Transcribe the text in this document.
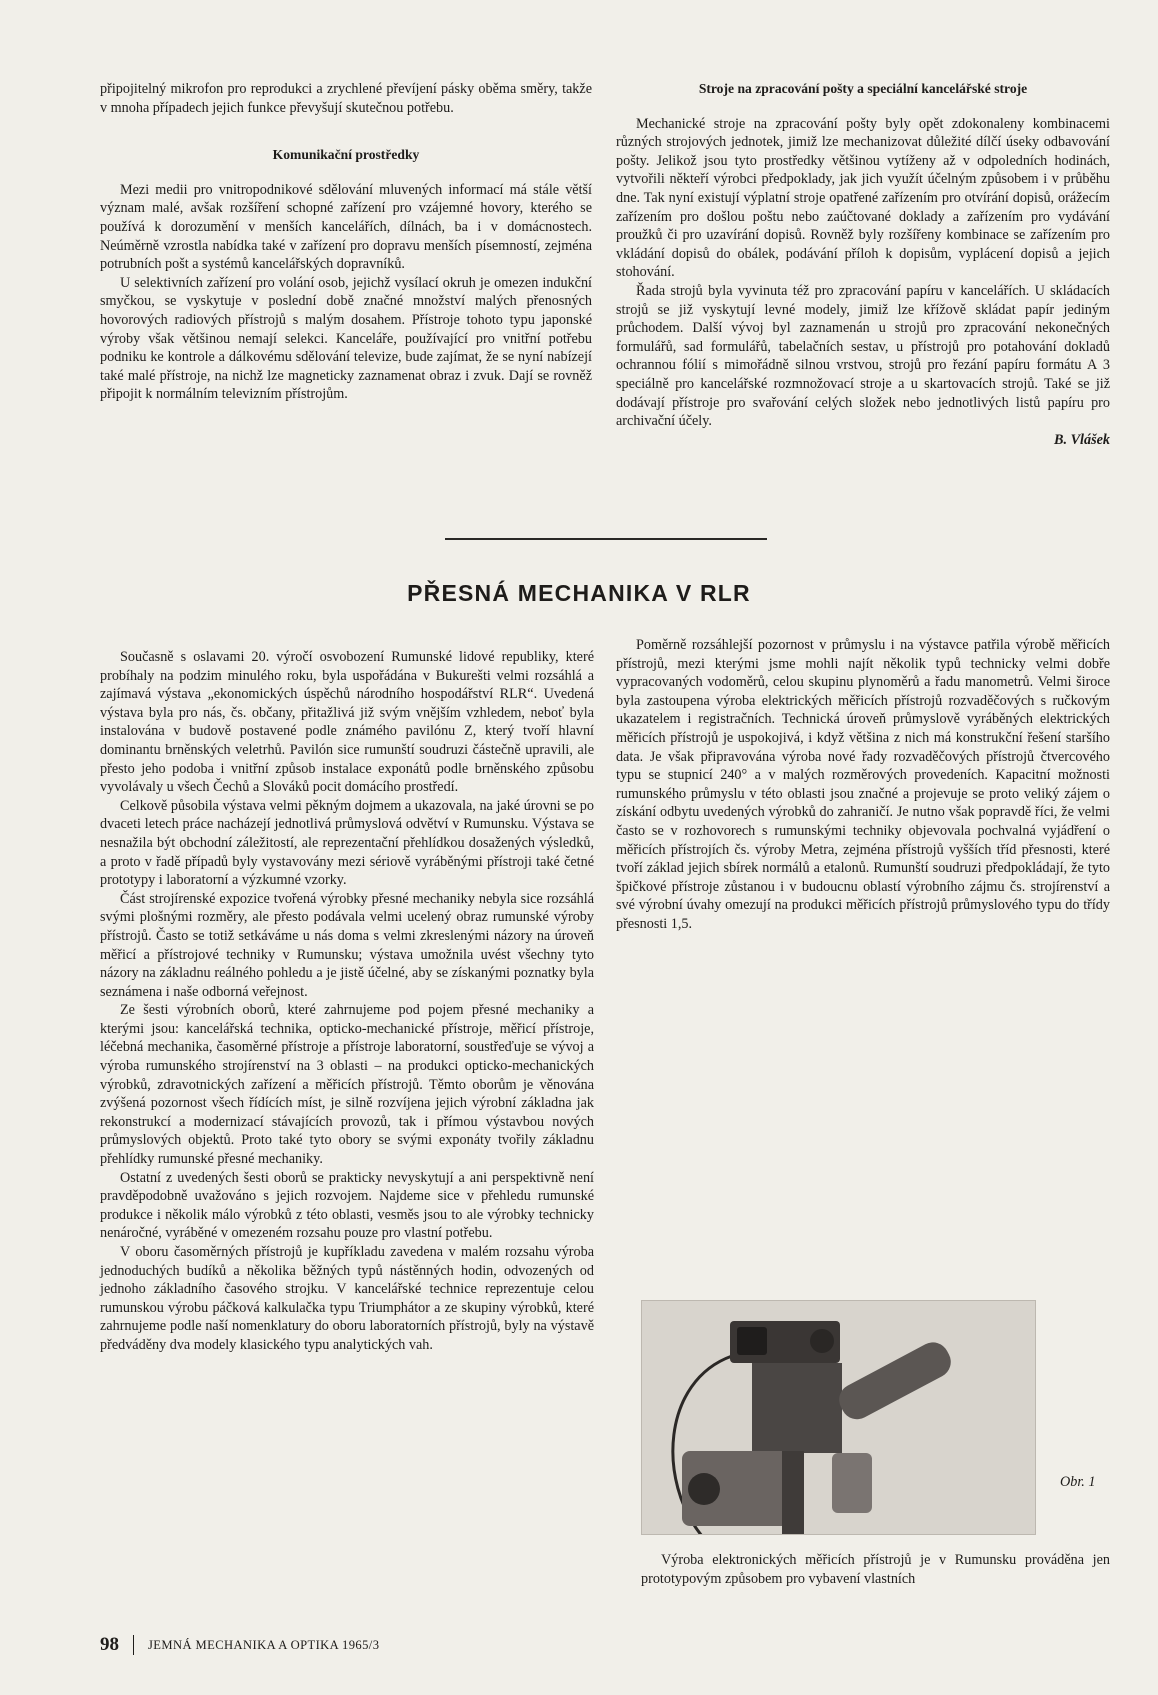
připojitelný mikrofon pro reprodukci a zrychlené převíjení pásky oběma směry, takže v mnoha případech jejich funkce převyšují skutečnou potřebu.

Komunikační prostředky

Mezi medii pro vnitropodnikové sdělování mluvených informací má stále větší význam malé, avšak rozšíření schopné zařízení pro vzájemné hovory, kterého se používá k dorozumění v menších kancelářích, dílnách, ba i v domácnostech. Neúměrně vzrostla nabídka také v zařízení pro dopravu menších písemností, zejména potrubních pošt a systémů kancelářských dopravníků.

U selektivních zařízení pro volání osob, jejichž vysílací okruh je omezen indukční smyčkou, se vyskytuje v poslední době značné množství malých přenosných hovorových radiových přístrojů s malým dosahem. Přístroje tohoto typu japonské výroby však většinou nemají selekci. Kanceláře, používající pro vnitřní potřebu podniku ke kontrole a dálkovému sdělování televize, bude zajímat, že se nyní nabízejí také malé přístroje, na nichž lze magneticky zaznamenat obraz i zvuk. Dají se rovněž připojit k normálním televizním přístrojům.

Stroje na zpracování pošty a speciální kancelářské stroje

Mechanické stroje na zpracování pošty byly opět zdokonaleny kombinacemi různých strojových jednotek, jimiž lze mechanizovat důležité dílčí úseky odbavování pošty. Jelikož jsou tyto prostředky většinou vytíženy až v odpoledních hodinách, vytvořili někteří výrobci předpoklady, jak jich využít účelným způsobem i v průběhu dne. Tak nyní existují výplatní stroje opatřené zařízením pro otvírání dopisů, orážecím zařízením pro došlou poštu nebo zaúčtované doklady a zařízením pro vydávání proužků či pro uzavírání dopisů. Rovněž byly rozšířeny kombinace se zařízením pro vkládání dopisů do obálek, podávání příloh k dopisům, vyplácení dopisů a jejich stohování.

Řada strojů byla vyvinuta též pro zpracování papíru v kancelářích. U skládacích strojů se již vyskytují levné modely, jimiž lze křížově skládat papír jediným průchodem. Další vývoj byl zaznamenán u strojů pro zpracování nekonečných formulářů, sad formulářů, tabelačních sestav, u přístrojů pro potahování dokladů ochrannou fólií s mimořádně silnou vrstvou, strojů pro řezání papíru formátu A 3 speciálně pro kancelářské rozmnožovací stroje a u skartovacích strojů. Také se již dodávají přístroje pro svařování celých složek nebo jednotlivých listů papíru pro archivační účely.

B. Vlášek

PŘESNÁ MECHANIKA V RLR

Současně s oslavami 20. výročí osvobození Rumunské lidové republiky, které probíhaly na podzim minulého roku, byla uspořádána v Bukurešti velmi rozsáhlá a zajímavá výstava „ekonomických úspěchů národního hospodářství RLR“. Uvedená výstava byla pro nás, čs. občany, přitažlivá již svým vnějším vzhledem, neboť byla instalována v budově postavené podle známého pavilónu Z, který tvoří hlavní dominantu brněnských veletrhů. Pavilón sice rumunští soudruzi částečně upravili, ale přesto jeho podoba i vnitřní způsob instalace exponátů podle brněnského způsobu vyvolávaly u všech Čechů a Slováků pocit domácího prostředí.

Celkově působila výstava velmi pěkným dojmem a ukazovala, na jaké úrovni se po dvaceti letech práce nacházejí jednotlivá průmyslová odvětví v Rumunsku. Výstava se nesnažila být obchodní záležitostí, ale reprezentační přehlídkou dosažených výsledků, a proto v řadě případů byly vystavovány mezi sériově vyráběnými přístroji také četné prototypy i laboratorní a výzkumné vzorky.

Část strojírenské expozice tvořená výrobky přesné mechaniky nebyla sice rozsáhlá svými plošnými rozměry, ale přesto podávala velmi ucelený obraz rumunské výroby přístrojů. Často se totiž setkáváme u nás doma s velmi zkreslenými názory na úroveň měřicí a přístrojové techniky v Rumunsku; výstava umožnila uvést všechny tyto názory na základnu reálného pohledu a je jistě účelné, aby se získanými poznatky byla seznámena i naše odborná veřejnost.

Ze šesti výrobních oborů, které zahrnujeme pod pojem přesné mechaniky a kterými jsou: kancelářská technika, opticko-mechanické přístroje, měřicí přístroje, léčebná mechanika, časoměrné přístroje a přístroje laboratorní, soustřeďuje se vývoj a výroba rumunského strojírenství na 3 oblasti – na produkci opticko-mechanických výrobků, zdravotnických zařízení a měřicích přístrojů. Těmto oborům je věnována zvýšená pozornost všech řídících míst, je silně rozvíjena jejich výrobní základna jak rekonstrukcí a modernizací stávajících provozů, tak i přímou výstavbou nových průmyslových objektů. Proto také tyto obory se svými exponáty tvořily základnu přehlídky rumunské přesné mechaniky.

Ostatní z uvedených šesti oborů se prakticky nevyskytují a ani perspektivně není pravděpodobně uvažováno s jejich rozvojem. Najdeme sice v přehledu rumunské produkce i několik málo výrobků z této oblasti, vesměs jsou to ale výrobky technicky nenáročné, vyráběné v omezeném rozsahu pouze pro vlastní potřebu.

V oboru časoměrných přístrojů je kupříkladu zavedena v malém rozsahu výroba jednoduchých budíků a několika běžných typů nástěnných hodin, odvozených od jednoho základního časového strojku. V kancelářské technice reprezentuje celou rumunskou výrobu páčková kalkulačka typu Triumphátor a ze skupiny výrobků, které zahrnujeme podle naší nomenklatury do oboru laboratorních přístrojů, byly na výstavě předváděny dva modely klasického typu analytických vah.

Poměrně rozsáhlejší pozornost v průmyslu i na výstavce patřila výrobě měřicích přístrojů, mezi kterými jsme mohli najít několik typů technicky velmi dobře vypracovaných vodoměrů, celou skupinu plynoměrů a řadu manometrů. Velmi široce byla zastoupena výroba elektrických měřicích přístrojů rozvaděčových s ručkovým ukazatelem i registračních. Technická úroveň průmyslově vyráběných elektrických měřicích přístrojů je uspokojivá, i když většina z nich má konstrukční řešení staršího data. Je však připravována výroba nové řady rozvaděčových přístrojů čtvercového typu se stupnicí 240° a v malých rozměrových provedeních. Kapacitní možnosti rumunského průmyslu v této oblasti jsou značné a projevuje se proto veliký zájem o získání odbytu uvedených výrobků do zahraničí. Je nutno však popravdě říci, že velmi často se v rozhovorech s rumunskými techniky objevovala pochvalná vyjádření o měřicích přístrojích čs. výroby Metra, zejména přístrojů vyšších tříd přesnosti, které tvoří základ jejich sbírek normálů a etalonů. Rumunští soudruzi předpokládají, že tyto špičkové přístroje zůstanou i v budoucnu oblastí výrobního zájmu čs. strojírenství a své výrobní úvahy omezují na produkci měřicích přístrojů průmyslového typu do třídy přesnosti 1,5.

Obr. 1

Výroba elektronických měřicích přístrojů je v Rumunsku prováděna jen prototypovým způsobem pro vybavení vlastních

98 JEMNÁ MECHANIKA A OPTIKA 1965/3
